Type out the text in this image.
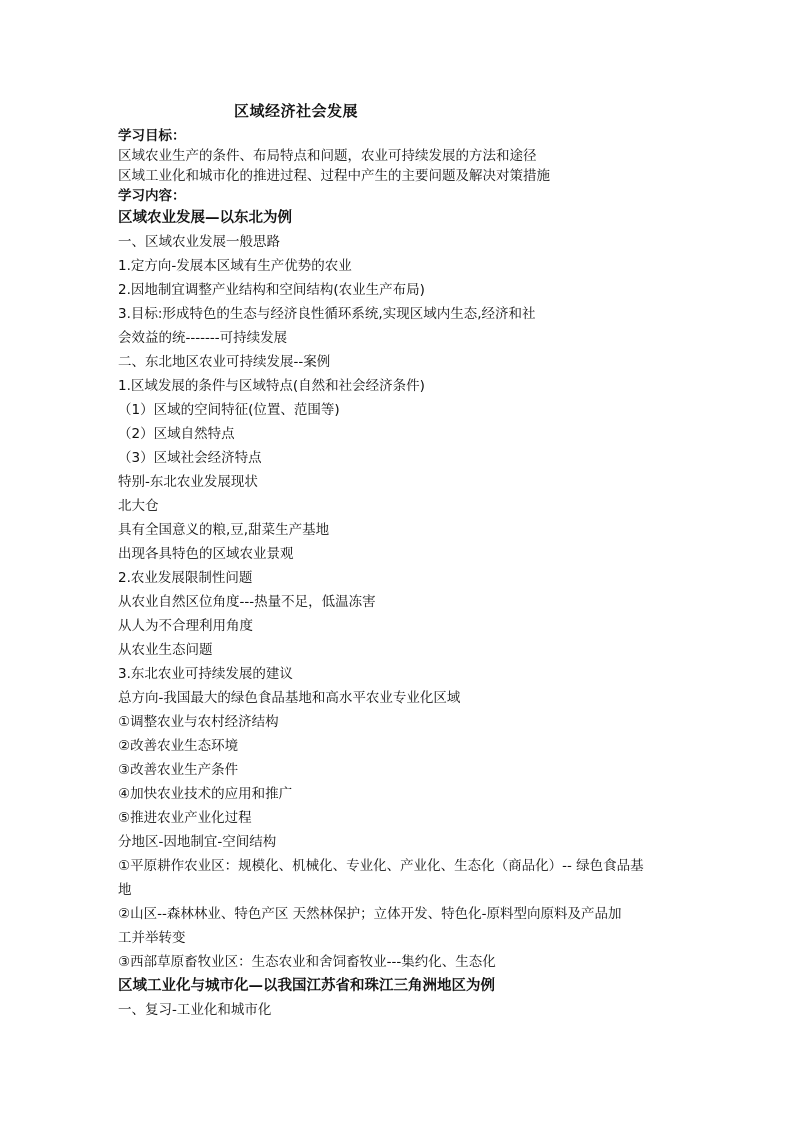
区域经济社会发展
学习目标：
区域农业生产的条件、布局特点和问题，农业可持续发展的方法和途径
区域工业化和城市化的推进过程、过程中产生的主要问题及解决对策措施
学习内容：
区域农业发展—以东北为例
一、区域农业发展一般思路
1.定方向-发展本区域有生产优势的农业
2.因地制宜调整产业结构和空间结构(农业生产布局)
3.目标:形成特色的生态与经济良性循环系统,实现区域内生态,经济和社
会效益的统-------可持续发展
二、东北地区农业可持续发展--案例
1.区域发展的条件与区域特点(自然和社会经济条件)
（1）区域的空间特征(位置、范围等)
（2）区域自然特点
（3）区域社会经济特点
特别-东北农业发展现状
北大仓
具有全国意义的粮,豆,甜菜生产基地
出现各具特色的区域农业景观
2.农业发展限制性问题
从农业自然区位角度---热量不足，低温冻害
从人为不合理利用角度
从农业生态问题
3.东北农业可持续发展的建议
总方向-我国最大的绿色食品基地和高水平农业专业化区域
①调整农业与农村经济结构
②改善农业生态环境
③改善农业生产条件
④加快农业技术的应用和推广
⑤推进农业产业化过程
分地区-因地制宜-空间结构
①平原耕作农业区：规模化、机械化、专业化、产业化、生态化（商品化）-- 绿色食品基
地
②山区--森林林业、特色产区 天然林保护；立体开发、特色化-原料型向原料及产品加
工并举转变
③西部草原畜牧业区：生态农业和舍饲畜牧业---集约化、生态化
区域工业化与城市化—以我国江苏省和珠江三角洲地区为例
一、复习-工业化和城市化
